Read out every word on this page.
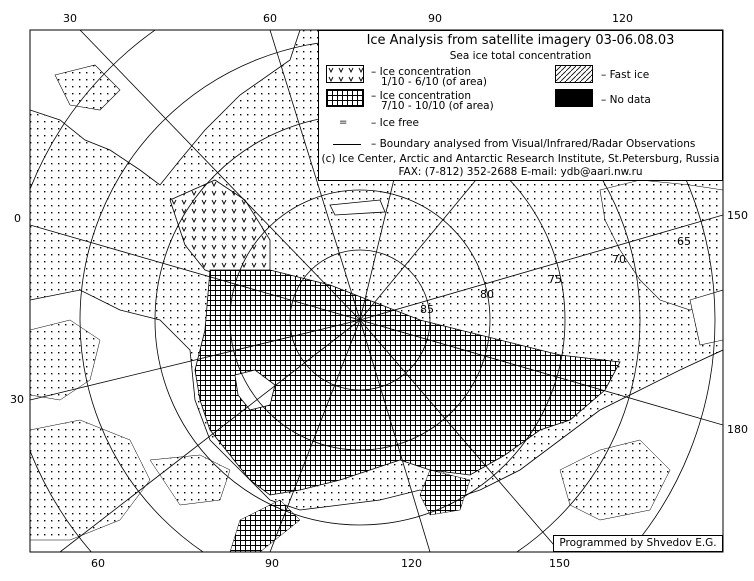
85
80
75
70
65
30	60	90	120
60	90	120	150
0
30
150
180
Ice Analysis from satellite imagery 03-06.08.03
Sea ice total concentration
– Ice concentration
1/10 - 6/10 (of area)
– Ice concentration
7/10 - 10/10 (of area)
= – Ice free
– Boundary analysed from Visual/Infrared/Radar Observations
– Fast ice
– No data
(c) Ice Center, Arctic and Antarctic Research Institute, St.Petersburg, Russia
FAX: (7-812) 352-2688 E-mail: ydb@aari.nw.ru
Programmed by Shvedov E.G.
